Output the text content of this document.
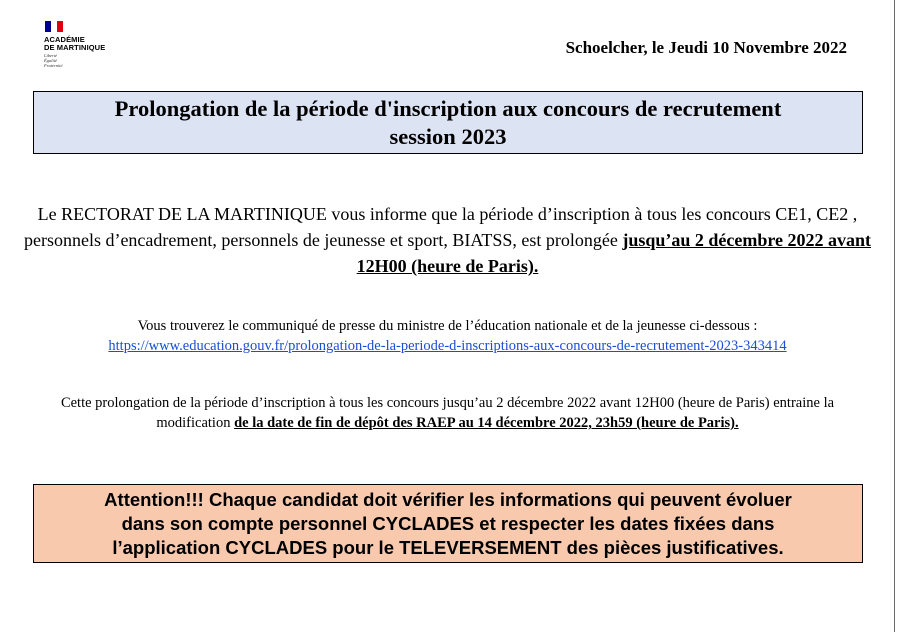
ACADÉMIE
DE MARTINIQUE
Liberté
Égalité
Fraternité
Schoelcher, le Jeudi 10 Novembre 2022
Prolongation de la période d'inscription aux concours de recrutement
session 2023
Le RECTORAT DE LA MARTINIQUE vous informe que la période d’inscription à tous les concours CE1, CE2 , personnels d’encadrement, personnels de jeunesse et sport, BIATSS, est prolongée jusqu’au 2 décembre 2022 avant 12H00 (heure de Paris).
Vous trouverez le communiqué de presse du ministre de l’éducation nationale et de la jeunesse ci-dessous :
https://www.education.gouv.fr/prolongation-de-la-periode-d-inscriptions-aux-concours-de-recrutement-2023-343414
Cette prolongation de la période d’inscription à tous les concours jusqu’au 2 décembre 2022 avant 12H00 (heure de Paris) entraine la modification de la date de fin de dépôt des RAEP au 14 décembre 2022, 23h59 (heure de Paris).
Attention!!! Chaque candidat doit vérifier les informations qui peuvent évoluer
dans son compte personnel CYCLADES et respecter les dates fixées dans
l’application CYCLADES pour le TELEVERSEMENT des pièces justificatives.
